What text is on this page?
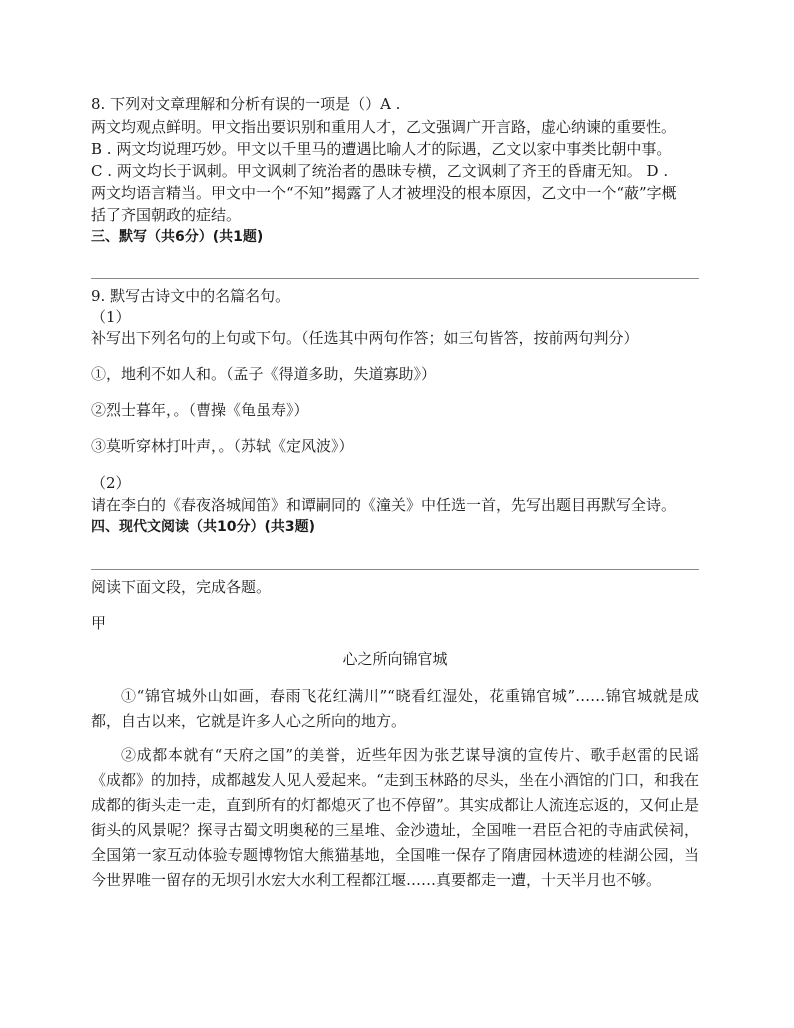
8. 下列对文章理解和分析有误的一项是（）A .

两文均观点鲜明。甲文指出要识别和重用人才，乙文强调广开言路，虚心纳谏的重要性。

B . 两文均说理巧妙。甲文以千里马的遭遇比喻人才的际遇，乙文以家中事类比朝中事。

C . 两文均长于讽刺。甲文讽刺了统治者的愚昧专横，乙文讽刺了齐王的昏庸无知。 D .

两文均语言精当。甲文中一个“不知”揭露了人才被埋没的根本原因，乙文中一个“蔽”字概

括了齐国朝政的症结。

三、默写（共6分）(共1题)

9. 默写古诗文中的名篇名句。

（1）

补写出下列名句的上句或下句。（任选其中两句作答；如三句皆答，按前两句判分）

①，地利不如人和。（孟子《得道多助，失道寡助》）

②烈士暮年，。（曹操《龟虽寿》）

③莫听穿林打叶声，。（苏轼《定风波》）

（2）

请在李白的《春夜洛城闻笛》和谭嗣同的《潼关》中任选一首，先写出题目再默写全诗。

四、现代文阅读（共10分）(共3题)

阅读下面文段，完成各题。

甲

心之所向锦官城

①“锦官城外山如画，春雨飞花红满川”“晓看红湿处，花重锦官城”……锦官城就是成都，自古以来，它就是许多人心之所向的地方。

②成都本就有“天府之国”的美誉，近些年因为张艺谋导演的宣传片、歌手赵雷的民谣《成都》的加持，成都越发人见人爱起来。“走到玉林路的尽头，坐在小酒馆的门口，和我在成都的街头走一走，直到所有的灯都熄灭了也不停留”。其实成都让人流连忘返的，又何止是街头的风景呢？探寻古蜀文明奥秘的三星堆、金沙遗址，全国唯一君臣合祀的寺庙武侯祠，全国第一家互动体验专题博物馆大熊猫基地，全国唯一保存了隋唐园林遗迹的桂湖公园，当今世界唯一留存的无坝引水宏大水利工程都江堰……真要都走一遭，十天半月也不够。
